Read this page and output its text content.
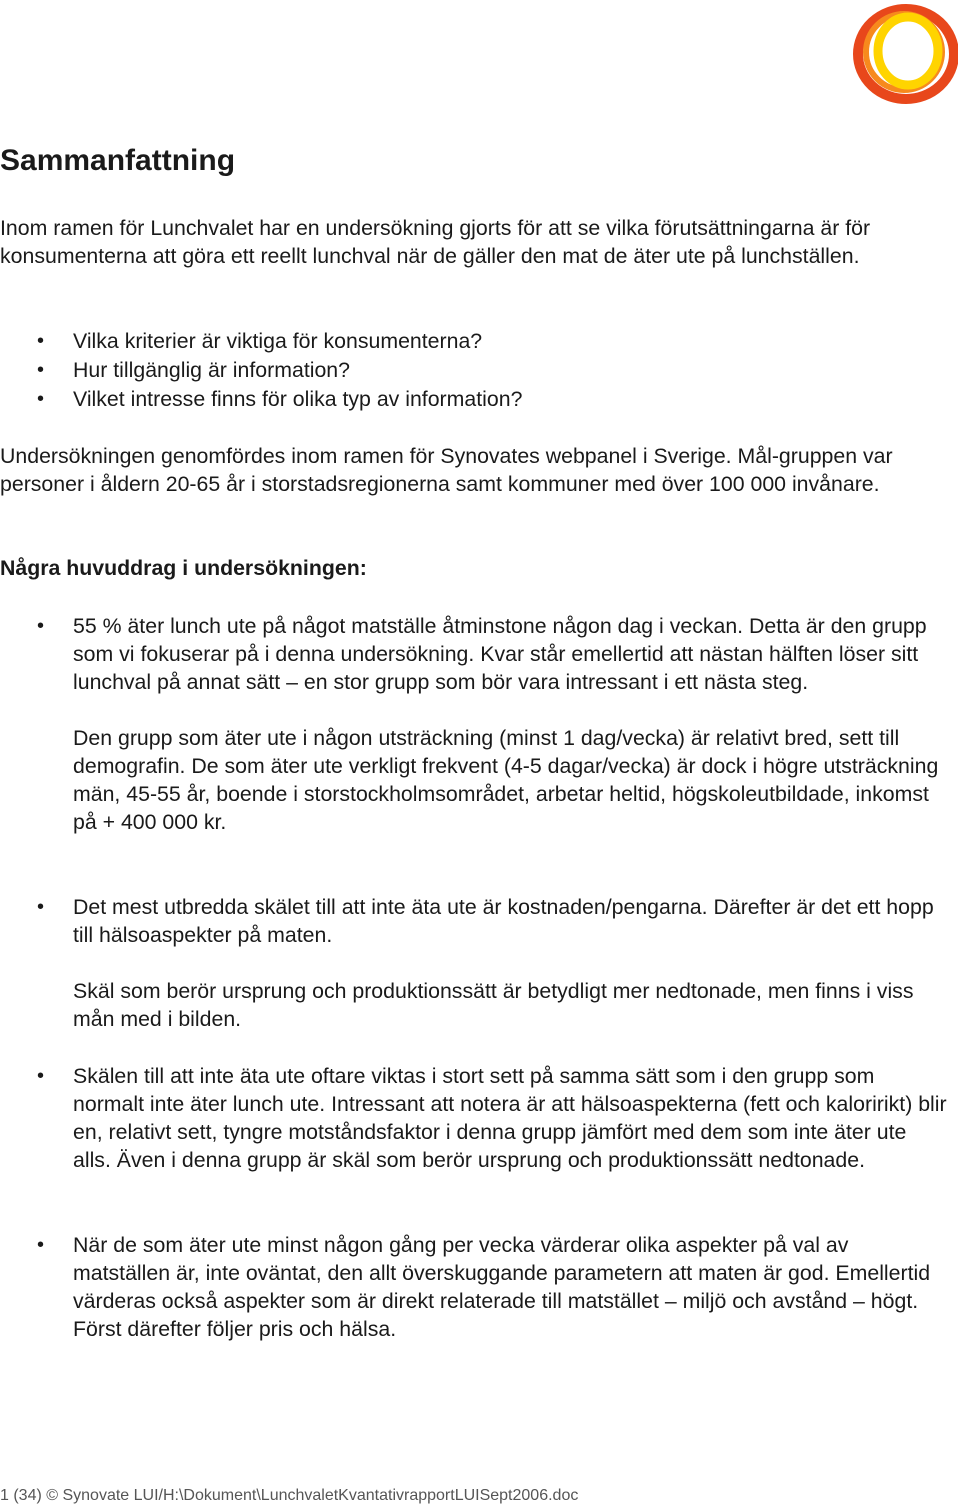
Sammanfattning

Inom ramen för Lunchvalet har en undersökning gjorts för att se vilka förutsättningarna är för konsumenterna att göra ett reellt lunchval när de gäller den mat de äter ute på lunchställen.

• Vilka kriterier är viktiga för konsumenterna?
• Hur tillgänglig är information?
• Vilket intresse finns för olika typ av information?

Undersökningen genomfördes inom ramen för Synovates webpanel i Sverige. Mål-gruppen var personer i åldern 20-65 år i storstadsregionerna samt kommuner med över 100 000 invånare.

Några huvuddrag i undersökningen:

•	55 % äter lunch ute på något matställe åtminstone någon dag i veckan. Detta är den grupp som vi fokuserar på i denna undersökning. Kvar står emellertid att nästan hälften löser sitt lunchval på annat sätt – en stor grupp som bör vara intressant i ett nästa steg.

Den grupp som äter ute i någon utsträckning (minst 1 dag/vecka) är relativt bred, sett till demografin. De som äter ute verkligt frekvent (4-5 dagar/vecka) är dock i högre utsträckning män, 45-55 år, boende i storstockholmsområdet, arbetar heltid, högskoleutbildade, inkomst på + 400 000 kr.

•	Det mest utbredda skälet till att inte äta ute är kostnaden/pengarna. Därefter är det ett hopp till hälsoaspekter på maten.

Skäl som berör ursprung och produktionssätt är betydligt mer nedtonade, men finns i viss mån med i bilden.

•	Skälen till att inte äta ute oftare viktas i stort sett på samma sätt som i den grupp som normalt inte äter lunch ute. Intressant att notera är att hälsoaspekterna (fett och kaloririkt) blir en, relativt sett, tyngre motståndsfaktor i denna grupp jämfört med dem som inte äter ute alls. Även i denna grupp är skäl som berör ursprung och produktionssätt nedtonade.

•	När de som äter ute minst någon gång per vecka värderar olika aspekter på val av matställen är, inte oväntat, den allt överskuggande parametern att maten är god. Emellertid värderas också aspekter som är direkt relaterade till matstället – miljö och avstånd – högt. Först därefter följer pris och hälsa.

1 (34) © Synovate LUI/H:\Dokument\LunchvaletKvantativrapportLUISept2006.doc
